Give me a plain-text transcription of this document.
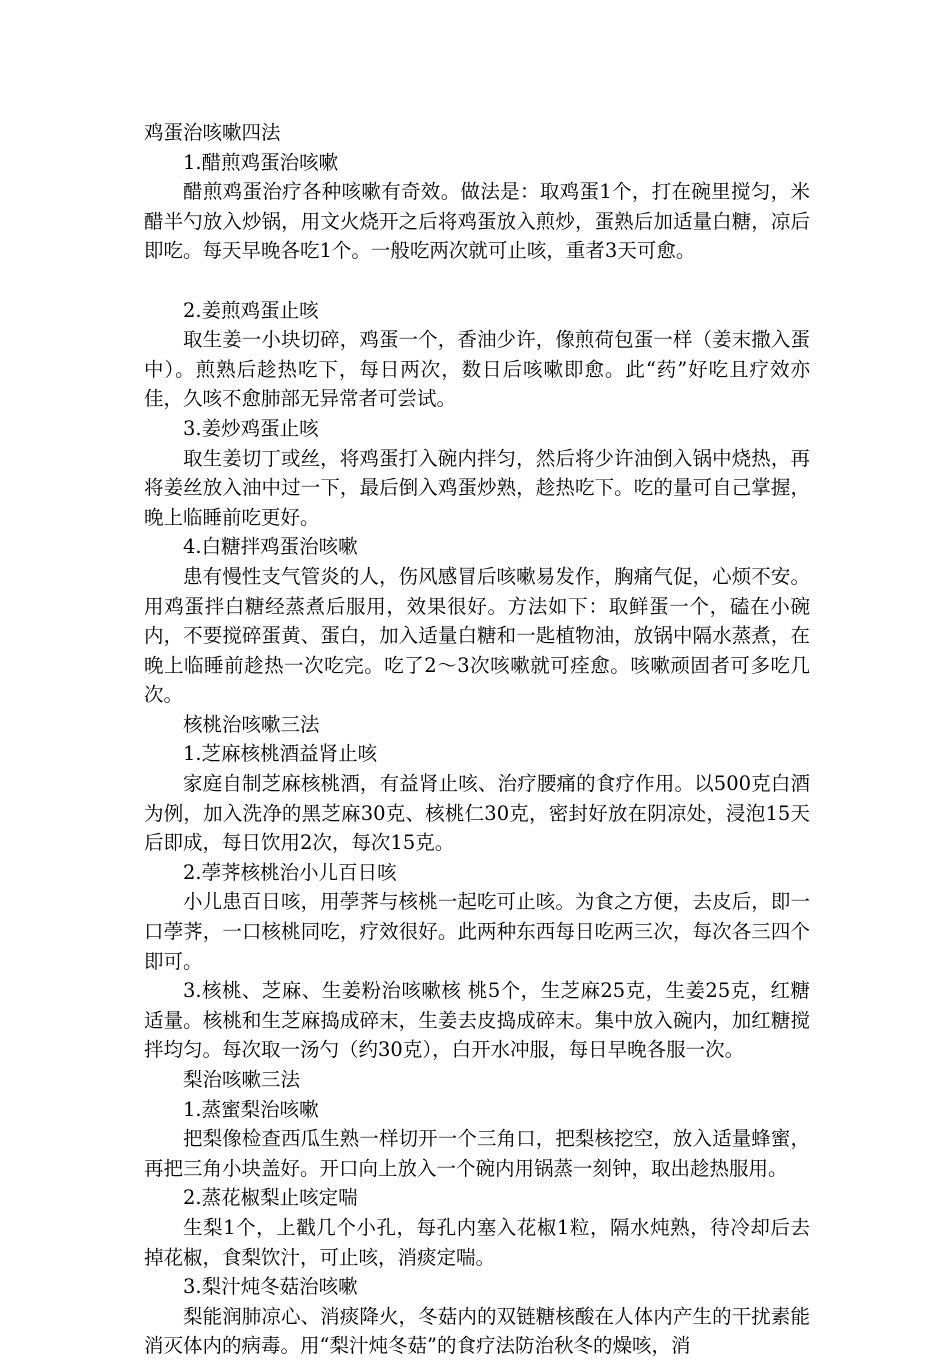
鸡蛋治咳嗽四法

1.醋煎鸡蛋治咳嗽

醋煎鸡蛋治疗各种咳嗽有奇效。做法是：取鸡蛋1个，打在碗里搅匀，米醋半勺放入炒锅，用文火烧开之后将鸡蛋放入煎炒，蛋熟后加适量白糖，凉后即吃。每天早晚各吃1个。一般吃两次就可止咳，重者3天可愈。

2.姜煎鸡蛋止咳

取生姜一小块切碎，鸡蛋一个，香油少许，像煎荷包蛋一样（姜末撒入蛋中）。煎熟后趁热吃下，每日两次，数日后咳嗽即愈。此“药”好吃且疗效亦佳，久咳不愈肺部无异常者可尝试。

3.姜炒鸡蛋止咳

取生姜切丁或丝，将鸡蛋打入碗内拌匀，然后将少许油倒入锅中烧热，再将姜丝放入油中过一下，最后倒入鸡蛋炒熟，趁热吃下。吃的量可自己掌握，晚上临睡前吃更好。

4.白糖拌鸡蛋治咳嗽

患有慢性支气管炎的人，伤风感冒后咳嗽易发作，胸痛气促，心烦不安。用鸡蛋拌白糖经蒸煮后服用，效果很好。方法如下：取鲜蛋一个，磕在小碗内，不要搅碎蛋黄、蛋白，加入适量白糖和一匙植物油，放锅中隔水蒸煮，在晚上临睡前趁热一次吃完。吃了2～3次咳嗽就可痊愈。咳嗽顽固者可多吃几次。

核桃治咳嗽三法

1.芝麻核桃酒益肾止咳

家庭自制芝麻核桃酒，有益肾止咳、治疗腰痛的食疗作用。以500克白酒为例，加入洗净的黑芝麻30克、核桃仁30克，密封好放在阴凉处，浸泡15天后即成，每日饮用2次，每次15克。

2.荸荠核桃治小儿百日咳

小儿患百日咳，用荸荠与核桃一起吃可止咳。为食之方便，去皮后，即一口荸荠，一口核桃同吃，疗效很好。此两种东西每日吃两三次，每次各三四个即可。

3.核桃、芝麻、生姜粉治咳嗽核 桃5个，生芝麻25克，生姜25克，红糖适量。核桃和生芝麻捣成碎末，生姜去皮捣成碎末。集中放入碗内，加红糖搅拌均匀。每次取一汤勺（约30克），白开水冲服，每日早晚各服一次。

梨治咳嗽三法

1.蒸蜜梨治咳嗽

把梨像检查西瓜生熟一样切开一个三角口，把梨核挖空，放入适量蜂蜜，再把三角小块盖好。开口向上放入一个碗内用锅蒸一刻钟，取出趁热服用。

2.蒸花椒梨止咳定喘

生梨1个，上戳几个小孔，每孔内塞入花椒1粒，隔水炖熟，待冷却后去掉花椒，食梨饮汁，可止咳，消痰定喘。

3.梨汁炖冬菇治咳嗽

梨能润肺凉心、消痰降火，冬菇内的双链糖核酸在人体内产生的干扰素能消灭体内的病毒。用“梨汁炖冬菇”的食疗法防治秋冬的燥咳，消
